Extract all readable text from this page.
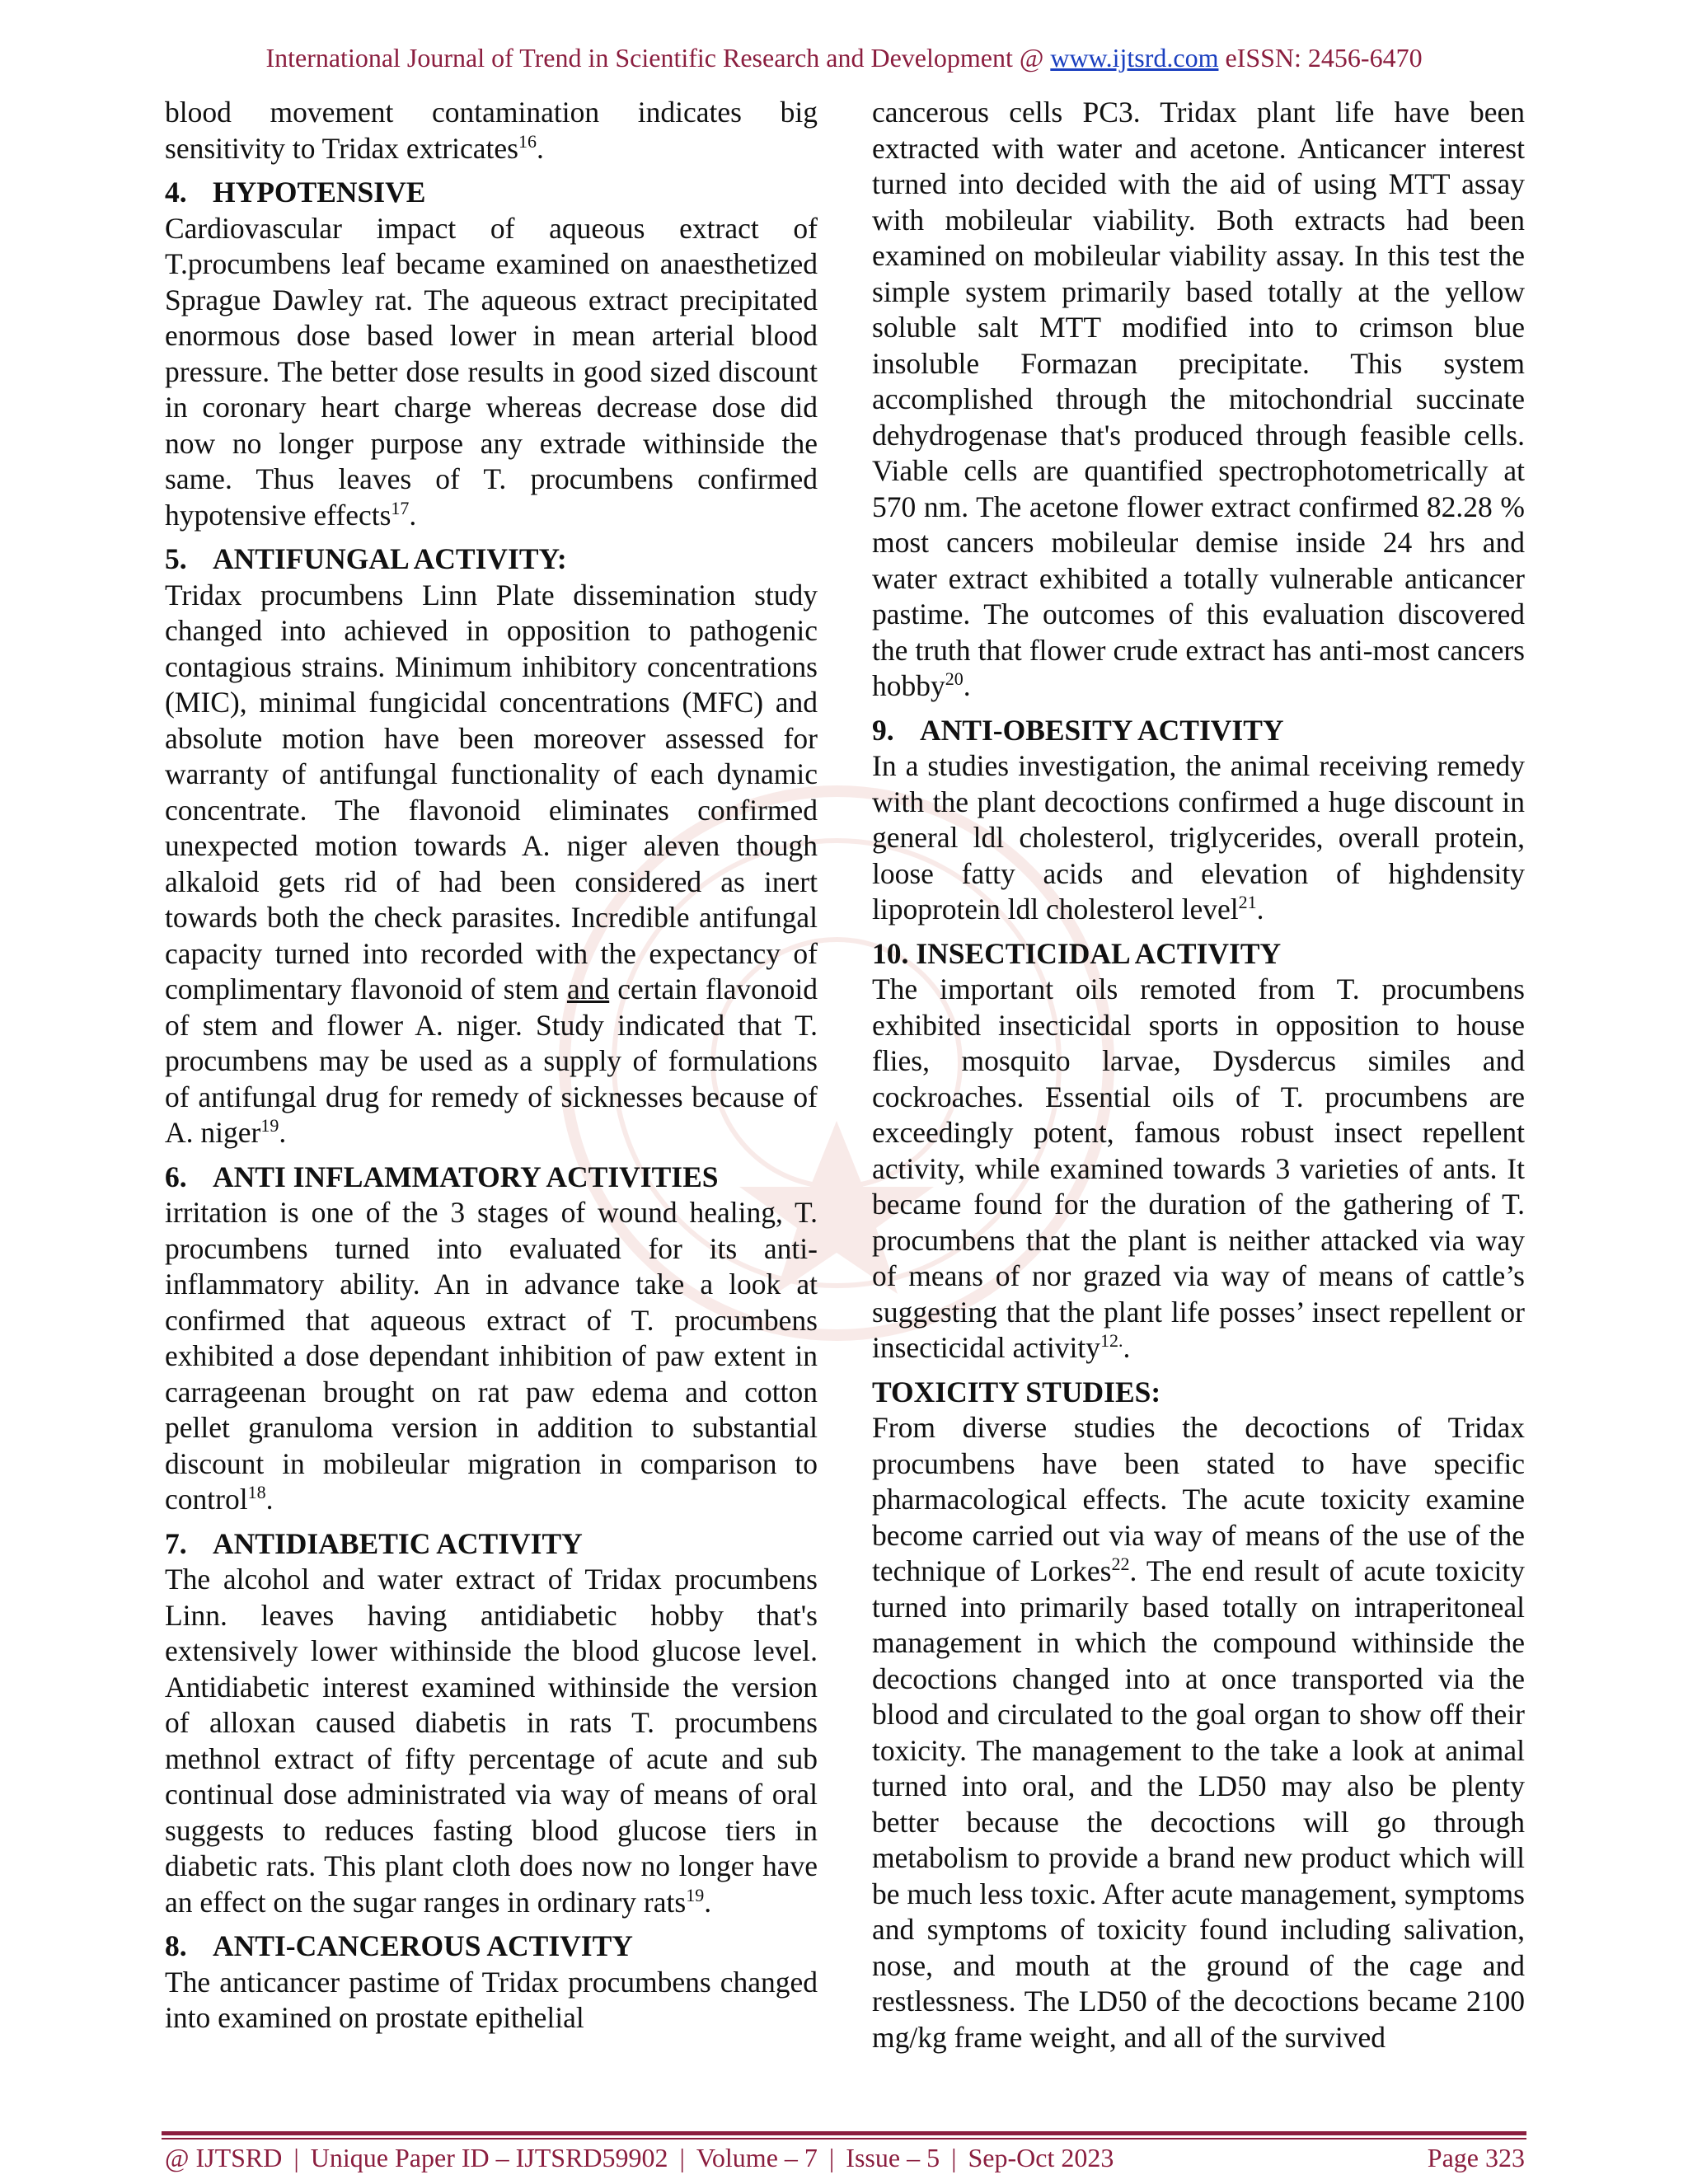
International Journal of Trend in Scientific Research and Development @ www.ijtsrd.com eISSN: 2456-6470

blood movement contamination indicates big sensitivity to Tridax extricates$^{16}$.

4. HYPOTENSIVE

Cardiovascular impact of aqueous extract of T.procumbens leaf became examined on anaesthetized Sprague Dawley rat. The aqueous extract precipitated enormous dose based lower in mean arterial blood pressure. The better dose results in good sized discount in coronary heart charge whereas decrease dose did now no longer purpose any extrade withinside the same. Thus leaves of T. procumbens confirmed hypotensive effects$^{17}$.

5. ANTIFUNGAL ACTIVITY:

Tridax procumbens Linn Plate dissemination study changed into achieved in opposition to pathogenic contagious strains. Minimum inhibitory concentrations (MIC), minimal fungicidal concentrations (MFC) and absolute motion have been moreover assessed for warranty of antifungal functionality of each dynamic concentrate. The flavonoid eliminates confirmed unexpected motion towards A. niger aleven though alkaloid gets rid of had been considered as inert towards both the check parasites. Incredible antifungal capacity turned into recorded with the expectancy of complimentary flavonoid of stem and certain flavonoid of stem and flower A. niger. Study indicated that T. procumbens may be used as a supply of formulations of antifungal drug for remedy of sicknesses because of A. niger$^{19}$.

6. ANTI INFLAMMATORY ACTIVITIES

irritation is one of the 3 stages of wound healing, T. procumbens turned into evaluated for its anti-inflammatory ability. An in advance take a look at confirmed that aqueous extract of T. procumbens exhibited a dose dependant inhibition of paw extent in carrageenan brought on rat paw edema and cotton pellet granuloma version in addition to substantial discount in mobileular migration in comparison to control$^{18}$.

7. ANTIDIABETIC ACTIVITY

The alcohol and water extract of Tridax procumbens Linn. leaves having antidiabetic hobby that's extensively lower withinside the blood glucose level. Antidiabetic interest examined withinside the version of alloxan caused diabetis in rats T. procumbens methnol extract of fifty percentage of acute and sub continual dose administrated via way of means of oral suggests to reduces fasting blood glucose tiers in diabetic rats. This plant cloth does now no longer have an effect on the sugar ranges in ordinary rats$^{19}$.

8. ANTI-CANCEROUS ACTIVITY

The anticancer pastime of Tridax procumbens changed into examined on prostate epithelial

cancerous cells PC3. Tridax plant life have been extracted with water and acetone. Anticancer interest turned into decided with the aid of using MTT assay with mobileular viability. Both extracts had been examined on mobileular viability assay. In this test the simple system primarily based totally at the yellow soluble salt MTT modified into to crimson blue insoluble Formazan precipitate. This system accomplished through the mitochondrial succinate dehydrogenase that's produced through feasible cells. Viable cells are quantified spectrophotometrically at 570 nm. The acetone flower extract confirmed 82.28 % most cancers mobileular demise inside 24 hrs and water extract exhibited a totally vulnerable anticancer pastime. The outcomes of this evaluation discovered the truth that flower crude extract has anti-most cancers hobby$^{20}$.

9. ANTI-OBESITY ACTIVITY

In a studies investigation, the animal receiving remedy with the plant decoctions confirmed a huge discount in general ldl cholesterol, triglycerides, overall protein, loose fatty acids and elevation of highdensity lipoprotein ldl cholesterol level$^{21}$.

10. INSECTICIDAL ACTIVITY

The important oils remoted from T. procumbens exhibited insecticidal sports in opposition to house flies, mosquito larvae, Dysdercus similes and cockroaches. Essential oils of T. procumbens are exceedingly potent, famous robust insect repellent activity, while examined towards 3 varieties of ants. It became found for the duration of the gathering of T. procumbens that the plant is neither attacked via way of means of nor grazed via way of means of cattle’s suggesting that the plant life posses’ insect repellent or insecticidal activity$^{12.}$.

TOXICITY STUDIES:

From diverse studies the decoctions of Tridax procumbens have been stated to have specific pharmacological effects. The acute toxicity examine become carried out via way of means of the use of the technique of Lorkes$^{22}$. The end result of acute toxicity turned into primarily based totally on intraperitoneal management in which the compound withinside the decoctions changed into at once transported via the blood and circulated to the goal organ to show off their toxicity. The management to the take a look at animal turned into oral, and the LD50 may also be plenty better because the decoctions will go through metabolism to provide a brand new product which will be much less toxic. After acute management, symptoms and symptoms of toxicity found including salivation, nose, and mouth at the ground of the cage and restlessness. The LD50 of the decoctions became 2100 mg/kg frame weight, and all of the survived

@ IJTSRD | Unique Paper ID – IJTSRD59902 | Volume – 7 | Issue – 5 | Sep-Oct 2023	Page 323
